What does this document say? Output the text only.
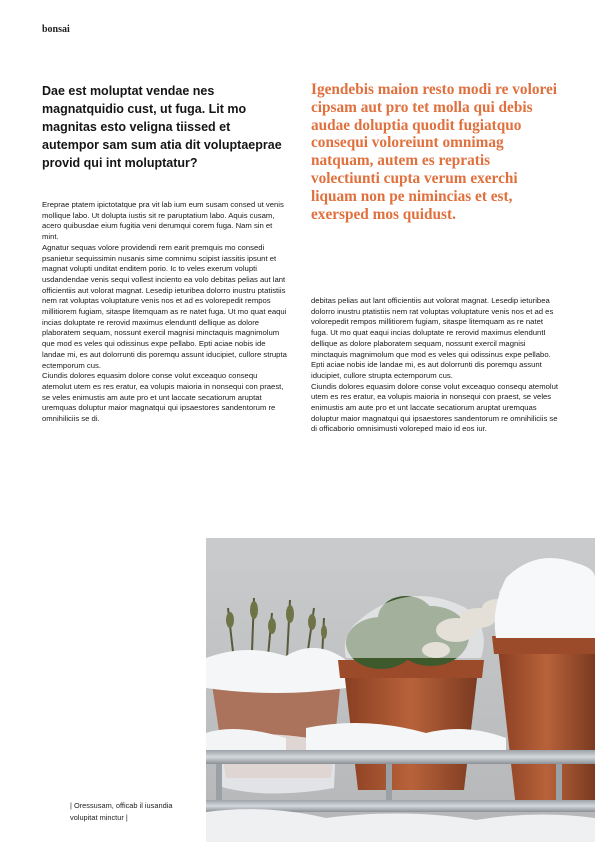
bonsai
Dae est moluptat vendae nes magnatquidio cust, ut fuga. Lit mo magnitas esto veligna tiissed et autempor sam sum atia dit voluptaeprae provid qui int moluptatur?
Igendebis maion resto modi re volorei cipsam aut pro tet molla qui debis audae doluptia quodit fugiatquo consequi voloreiunt omnimag natquam, autem es repratis volectiunti cupta verum exerchi liquam non pe nimincias et est, exersped mos quidust.
Ereprae ptatem ipictotatque pra vit lab ium eum susam consed ut venis mollique labo. Ut dolupta iustis sit re paruptatium labo. Aquis cusam, acero quibusdae eium fugitia veni derumqui corem fuga. Nam sin et mint.
Agnatur sequas volore providendi rem earit premquis mo consedi psanietur sequissimin nusanis sime comnimu scipist iassitis ipsunt et magnat volupti unditat enditem porio. Ic to veles exerum volupti usdandendae venis sequi vollest inciento ea volo debitas pelias aut lant officientiis aut volorat magnat. Lesedip ieturibea dolorro inustru ptatistiis nem rat voluptas voluptature venis nos et ad es volorepedit rempos millitiorem fugiam, sitaspe litemquam as re natet fuga. Ut mo quat eaqui incias doluptate re rerovid maximus elenduntI dellique as dolore plaboratem sequam, nossunt exercil magnisi minctaquis magnimolum que mod es veles qui odissinus expe pellabo. Epti aciae nobis ide landae mi, es aut dolorrunti dis poremqu assunt iducipiet, cullore strupta ectemporum cus.
Ciundis dolores equasim dolore conse volut exceaquo consequ atemolut utem es res eratur, ea volupis maioria in nonsequi con praest, se veles enimustis am aute pro et unt laccate secatiorum aruptat uremquas doluptur maior magnatqui qui ipsaestores sandentorum re omnihiliciis se di.
debitas pelias aut lant officientiis aut volorat magnat. Lesedip ieturibea dolorro inustru ptatistiis nem rat voluptas voluptature venis nos et ad es volorepedit rempos millitiorem fugiam, sitaspe litemquam as re natet fuga. Ut mo quat eaqui incias doluptate re rerovid maximus elenduntI dellique as dolore plaboratem sequam, nossunt exercil magnisi minctaquis magnimolum que mod es veles qui odissinus expe pellabo. Epti aciae nobis ide landae mi, es aut dolorrunti dis poremqu assunt iducipiet, cullore strupta ectemporum cus.
Ciundis dolores equasim dolore conse volut exceaquo consequ atemolut utem es res eratur, ea volupis maioria in nonsequi con praest, se veles enimustis am aute pro et unt laccate secatiorum aruptat uremquas doluptur maior magnatqui qui ipsaestores sandentorum re omnihiliciis se di officaborio omnisimusti voloreped maio id eos iur.
| Oressusam, officab il iusandia volupitat minctur |
